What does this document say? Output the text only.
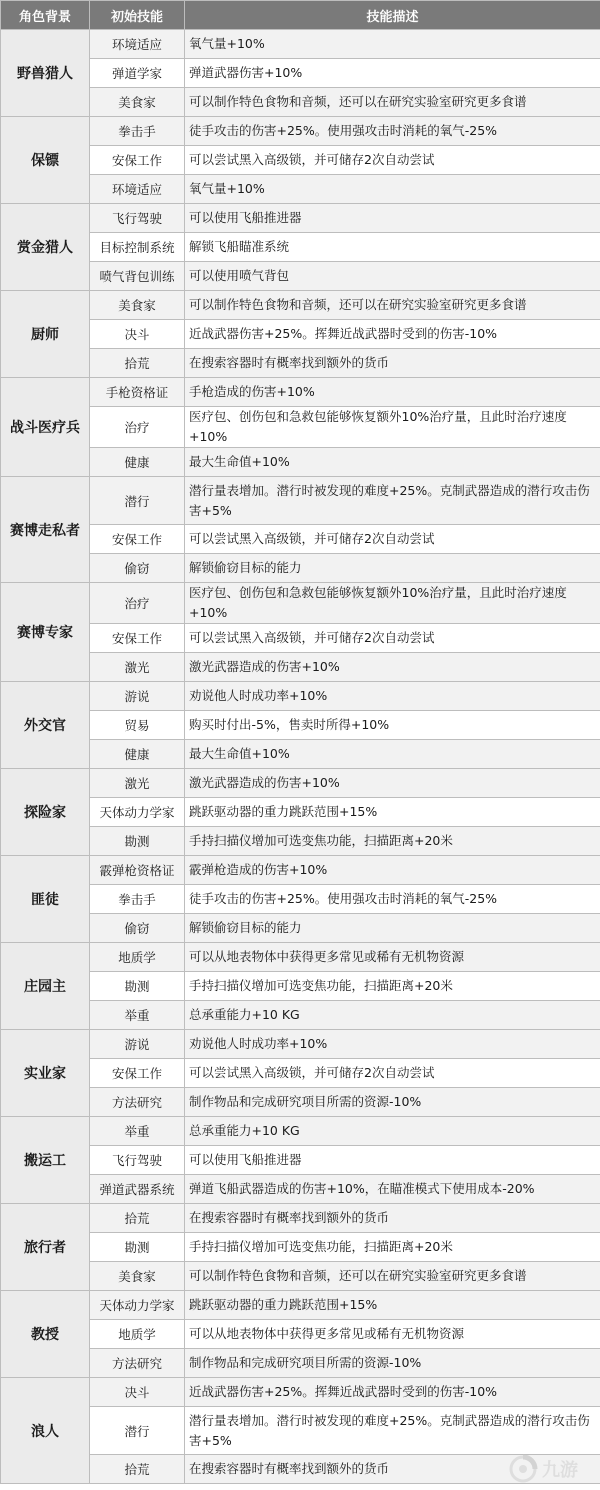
角色背景	初始技能	技能描述
野兽猎人	环境适应	氧气量+10%
	弹道学家	弹道武器伤害+10%
	美食家	可以制作特色食物和音频，还可以在研究实验室研究更多食谱
保镖	拳击手	徒手攻击的伤害+25%。使用强攻击时消耗的氧气-25%
	安保工作	可以尝试黑入高级锁，并可储存2次自动尝试
	环境适应	氧气量+10%
赏金猎人	飞行驾驶	可以使用飞船推进器
	目标控制系统	解锁飞船瞄准系统
	喷气背包训练	可以使用喷气背包
厨师	美食家	可以制作特色食物和音频，还可以在研究实验室研究更多食谱
	决斗	近战武器伤害+25%。挥舞近战武器时受到的伤害-10%
	拾荒	在搜索容器时有概率找到额外的货币
战斗医疗兵	手枪资格证	手枪造成的伤害+10%
	治疗	医疗包、创伤包和急救包能够恢复额外10%治疗量，且此时治疗速度+10%
	健康	最大生命值+10%
赛博走私者	潜行	潜行量表增加。潜行时被发现的难度+25%。克制武器造成的潜行攻击伤害+5%
	安保工作	可以尝试黑入高级锁，并可储存2次自动尝试
	偷窃	解锁偷窃目标的能力
赛博专家	治疗	医疗包、创伤包和急救包能够恢复额外10%治疗量，且此时治疗速度+10%
	安保工作	可以尝试黑入高级锁，并可储存2次自动尝试
	激光	激光武器造成的伤害+10%
外交官	游说	劝说他人时成功率+10%
	贸易	购买时付出-5%，售卖时所得+10%
	健康	最大生命值+10%
探险家	激光	激光武器造成的伤害+10%
	天体动力学家	跳跃驱动器的重力跳跃范围+15%
	勘测	手持扫描仪增加可选变焦功能，扫描距离+20米
匪徒	霰弹枪资格证	霰弹枪造成的伤害+10%
	拳击手	徒手攻击的伤害+25%。使用强攻击时消耗的氧气-25%
	偷窃	解锁偷窃目标的能力
庄园主	地质学	可以从地表物体中获得更多常见或稀有无机物资源
	勘测	手持扫描仪增加可选变焦功能，扫描距离+20米
	举重	总承重能力+10 KG
实业家	游说	劝说他人时成功率+10%
	安保工作	可以尝试黑入高级锁，并可储存2次自动尝试
	方法研究	制作物品和完成研究项目所需的资源-10%
搬运工	举重	总承重能力+10 KG
	飞行驾驶	可以使用飞船推进器
	弹道武器系统	弹道飞船武器造成的伤害+10%，在瞄准模式下使用成本-20%
旅行者	拾荒	在搜索容器时有概率找到额外的货币
	勘测	手持扫描仪增加可选变焦功能，扫描距离+20米
	美食家	可以制作特色食物和音频，还可以在研究实验室研究更多食谱
教授	天体动力学家	跳跃驱动器的重力跳跃范围+15%
	地质学	可以从地表物体中获得更多常见或稀有无机物资源
	方法研究	制作物品和完成研究项目所需的资源-10%
浪人	决斗	近战武器伤害+25%。挥舞近战武器时受到的伤害-10%
	潜行	潜行量表增加。潜行时被发现的难度+25%。克制武器造成的潜行攻击伤害+5%
	拾荒	在搜索容器时有概率找到额外的货币	九游
